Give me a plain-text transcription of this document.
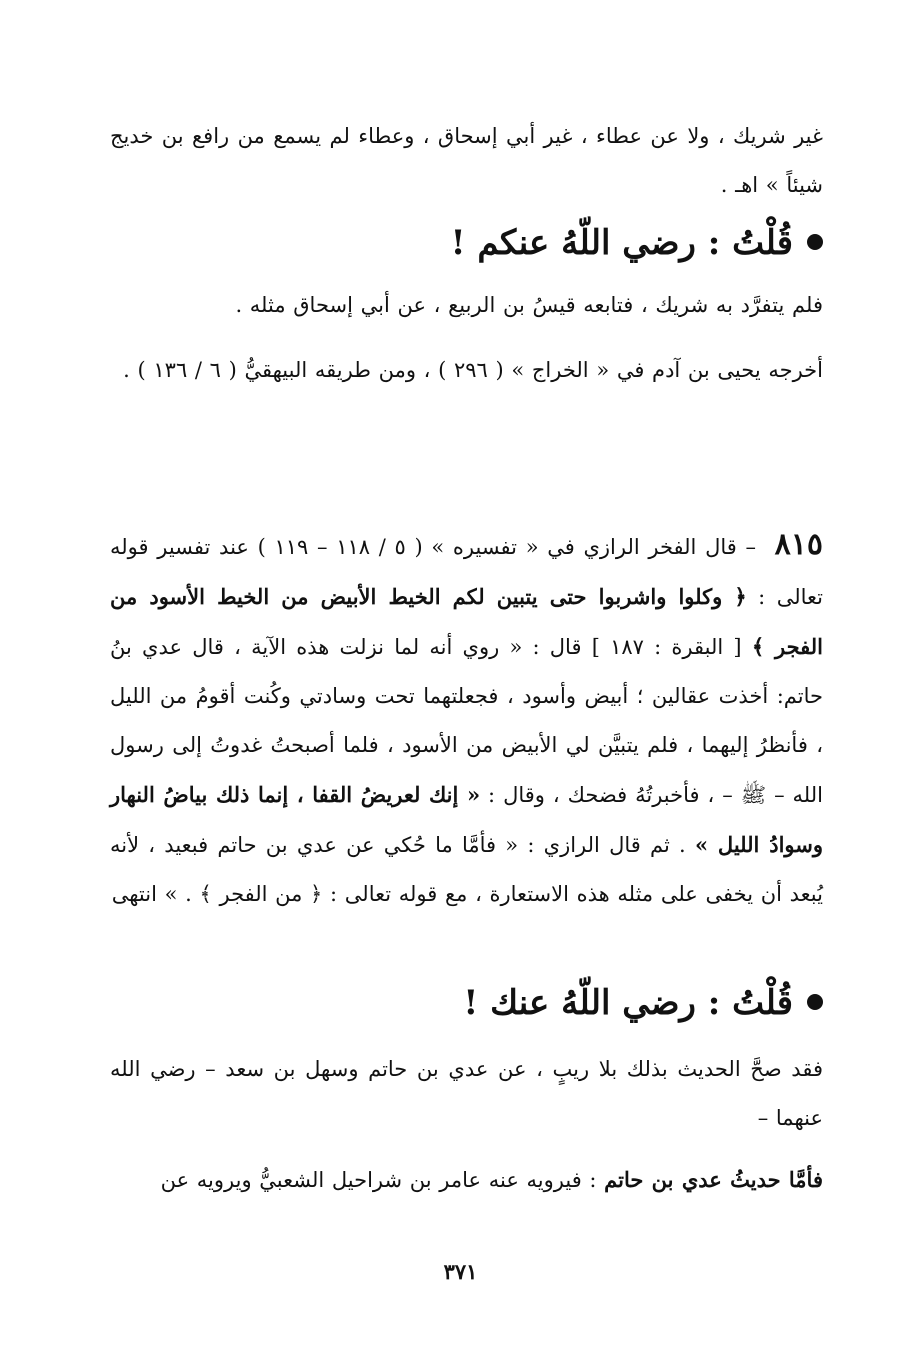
غير شريك ، ولا عن عطاء ، غير أبي إسحاق ، وعطاء لم يسمع من رافع بن خديج شيئاً » اهـ .
قُلْتُ : رضي اللّهُ عنكم !
فلم يتفرَّد به شريك ، فتابعه قيسُ بن الربيع ، عن أبي إسحاق مثله .
أخرجه يحيى بن آدم في « الخراج » ( ٢٩٦ ) ، ومن طريقه البيهقيُّ ( ٦ / ١٣٦ ) .
٨١٥ – قال الفخر الرازي في « تفسيره » ( ٥ / ١١٨ – ١١٩ ) عند تفسير قوله تعالى : ﴿ وكلوا واشربوا حتى يتبين لكم الخيط الأبيض من الخيط الأسود من الفجر ﴾ [ البقرة : ١٨٧ ] قال : « روي أنه لما نزلت هذه الآية ، قال عدي بنُ حاتم: أخذت عقالين ؛ أبيض وأسود ، فجعلتهما تحت وسادتي وكُنت أقومُ من الليل ، فأنظرُ إليهما ، فلم يتبيَّن لي الأبيض من الأسود ، فلما أصبحتُ غدوتُ إلى رسول الله – ﷺ – ، فأخبرتُهُ فضحك ، وقال : « إنك لعريضُ القفا ، إنما ذلك بياضُ النهار وسوادُ الليل » . ثم قال الرازي : « فأمَّا ما حُكي عن عدي بن حاتم فبعيد ، لأنه يُبعد أن يخفى على مثله هذه الاستعارة ، مع قوله تعالى : ﴿ من الفجر ﴾ . » انتهى
قُلْتُ : رضي اللّهُ عنك !
فقد صحَّ الحديث بذلك بلا ريبٍ ، عن عدي بن حاتم وسهل بن سعد – رضي الله عنهما –
فأمَّا حديثُ عدي بن حاتم : فيرويه عنه عامر بن شراحيل الشعبيُّ ويرويه عن
٣٧١
